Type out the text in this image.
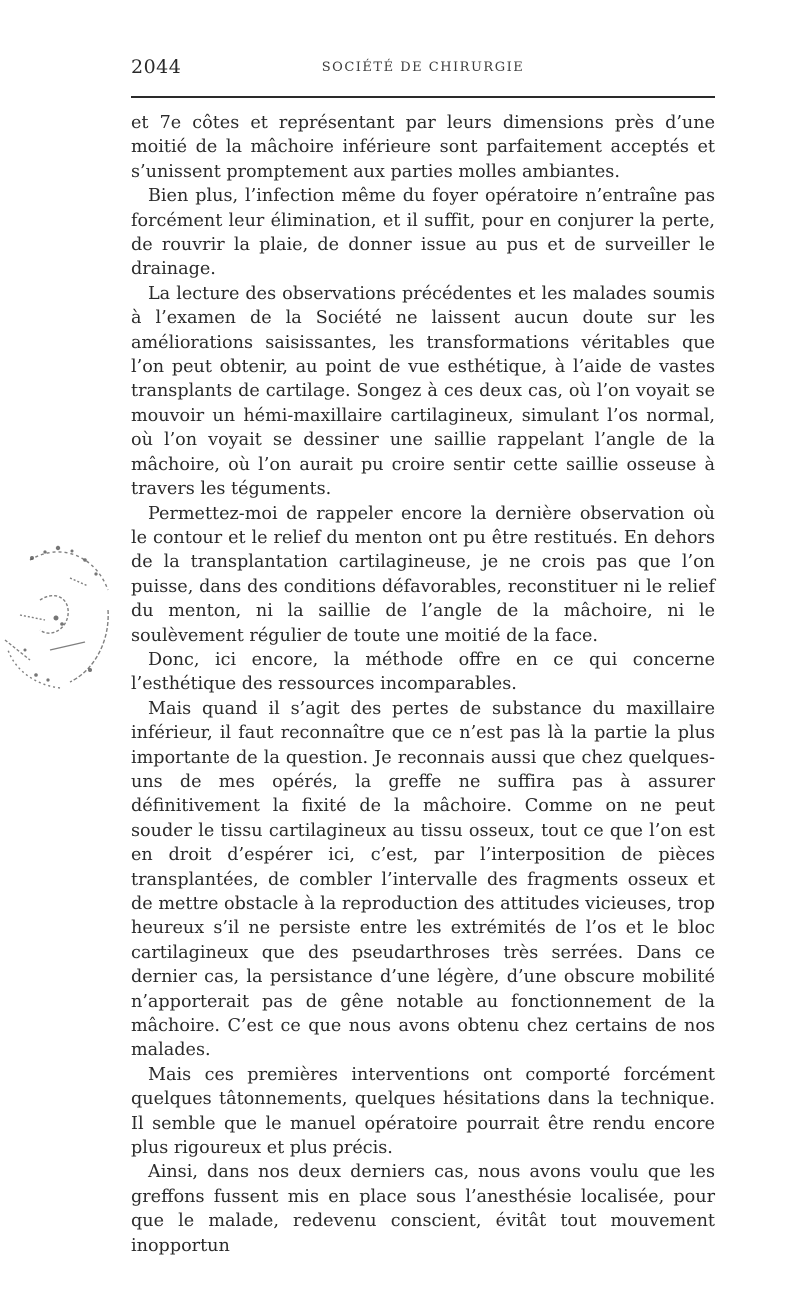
2044	SOCIÉTÉ DE CHIRURGIE

et 7e côtes et représentant par leurs dimensions près d’une moitié de la mâchoire inférieure sont parfaitement acceptés et s’unissent promptement aux parties molles ambiantes.

Bien plus, l’infection même du foyer opératoire n’entraîne pas forcément leur élimination, et il suffit, pour en conjurer la perte, de rouvrir la plaie, de donner issue au pus et de surveiller le drainage.

La lecture des observations précédentes et les malades soumis à l’examen de la Société ne laissent aucun doute sur les améliorations saisissantes, les transformations véritables que l’on peut obtenir, au point de vue esthétique, à l’aide de vastes transplants de cartilage. Songez à ces deux cas, où l’on voyait se mouvoir un hémi-maxillaire cartilagineux, simulant l’os normal, où l’on voyait se dessiner une saillie rappelant l’angle de la mâchoire, où l’on aurait pu croire sentir cette saillie osseuse à travers les téguments.

Permettez-moi de rappeler encore la dernière observation où le contour et le relief du menton ont pu être restitués. En dehors de la transplantation cartilagineuse, je ne crois pas que l’on puisse, dans des conditions défavorables, reconstituer ni le relief du menton, ni la saillie de l’angle de la mâchoire, ni le soulèvement régulier de toute une moitié de la face.

Donc, ici encore, la méthode offre en ce qui concerne l’esthétique des ressources incomparables.

Mais quand il s’agit des pertes de substance du maxillaire inférieur, il faut reconnaître que ce n’est pas là la partie la plus importante de la question. Je reconnais aussi que chez quelques-uns de mes opérés, la greffe ne suffira pas à assurer définitivement la fixité de la mâchoire. Comme on ne peut souder le tissu cartilagineux au tissu osseux, tout ce que l’on est en droit d’espérer ici, c’est, par l’interposition de pièces transplantées, de combler l’intervalle des fragments osseux et de mettre obstacle à la reproduction des attitudes vicieuses, trop heureux s’il ne persiste entre les extrémités de l’os et le bloc cartilagineux que des pseudarthroses très serrées. Dans ce dernier cas, la persistance d’une légère, d’une obscure mobilité n’apporterait pas de gêne notable au fonctionnement de la mâchoire. C’est ce que nous avons obtenu chez certains de nos malades.

Mais ces premières interventions ont comporté forcément quelques tâtonnements, quelques hésitations dans la technique. Il semble que le manuel opératoire pourrait être rendu encore plus rigoureux et plus précis.

Ainsi, dans nos deux derniers cas, nous avons voulu que les greffons fussent mis en place sous l’anesthésie localisée, pour que le malade, redevenu conscient, évitât tout mouvement inopportun
